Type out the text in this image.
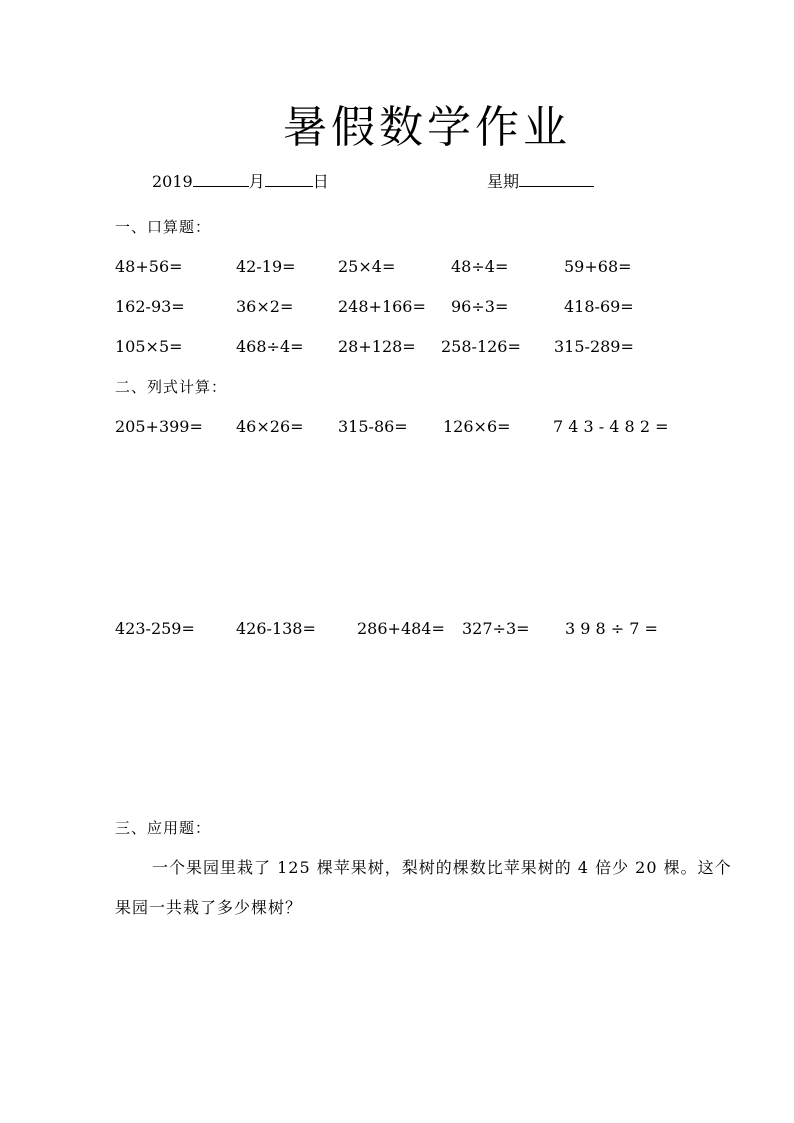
暑假数学作业
2019	月	日	星期
一、口算题：
48+56=	42-19=	25×4=	48÷4=	59+68=
162-93=	36×2=	248+166= 96÷3=	418-69=
105×5=	468÷4= 28+128= 258-126= 315-289=
二、列式计算：
205+399= 46×26= 315-86= 126×6=	7 4 3 - 4 8 2 =
423-259=	426-138=	286+484= 327÷3= 3 9 8 ÷ 7 =
三、应用题：
一个果园里栽了 125 棵苹果树，梨树的棵数比苹果树的 4 倍少 20 棵。这个
果园一共栽了多少棵树？
